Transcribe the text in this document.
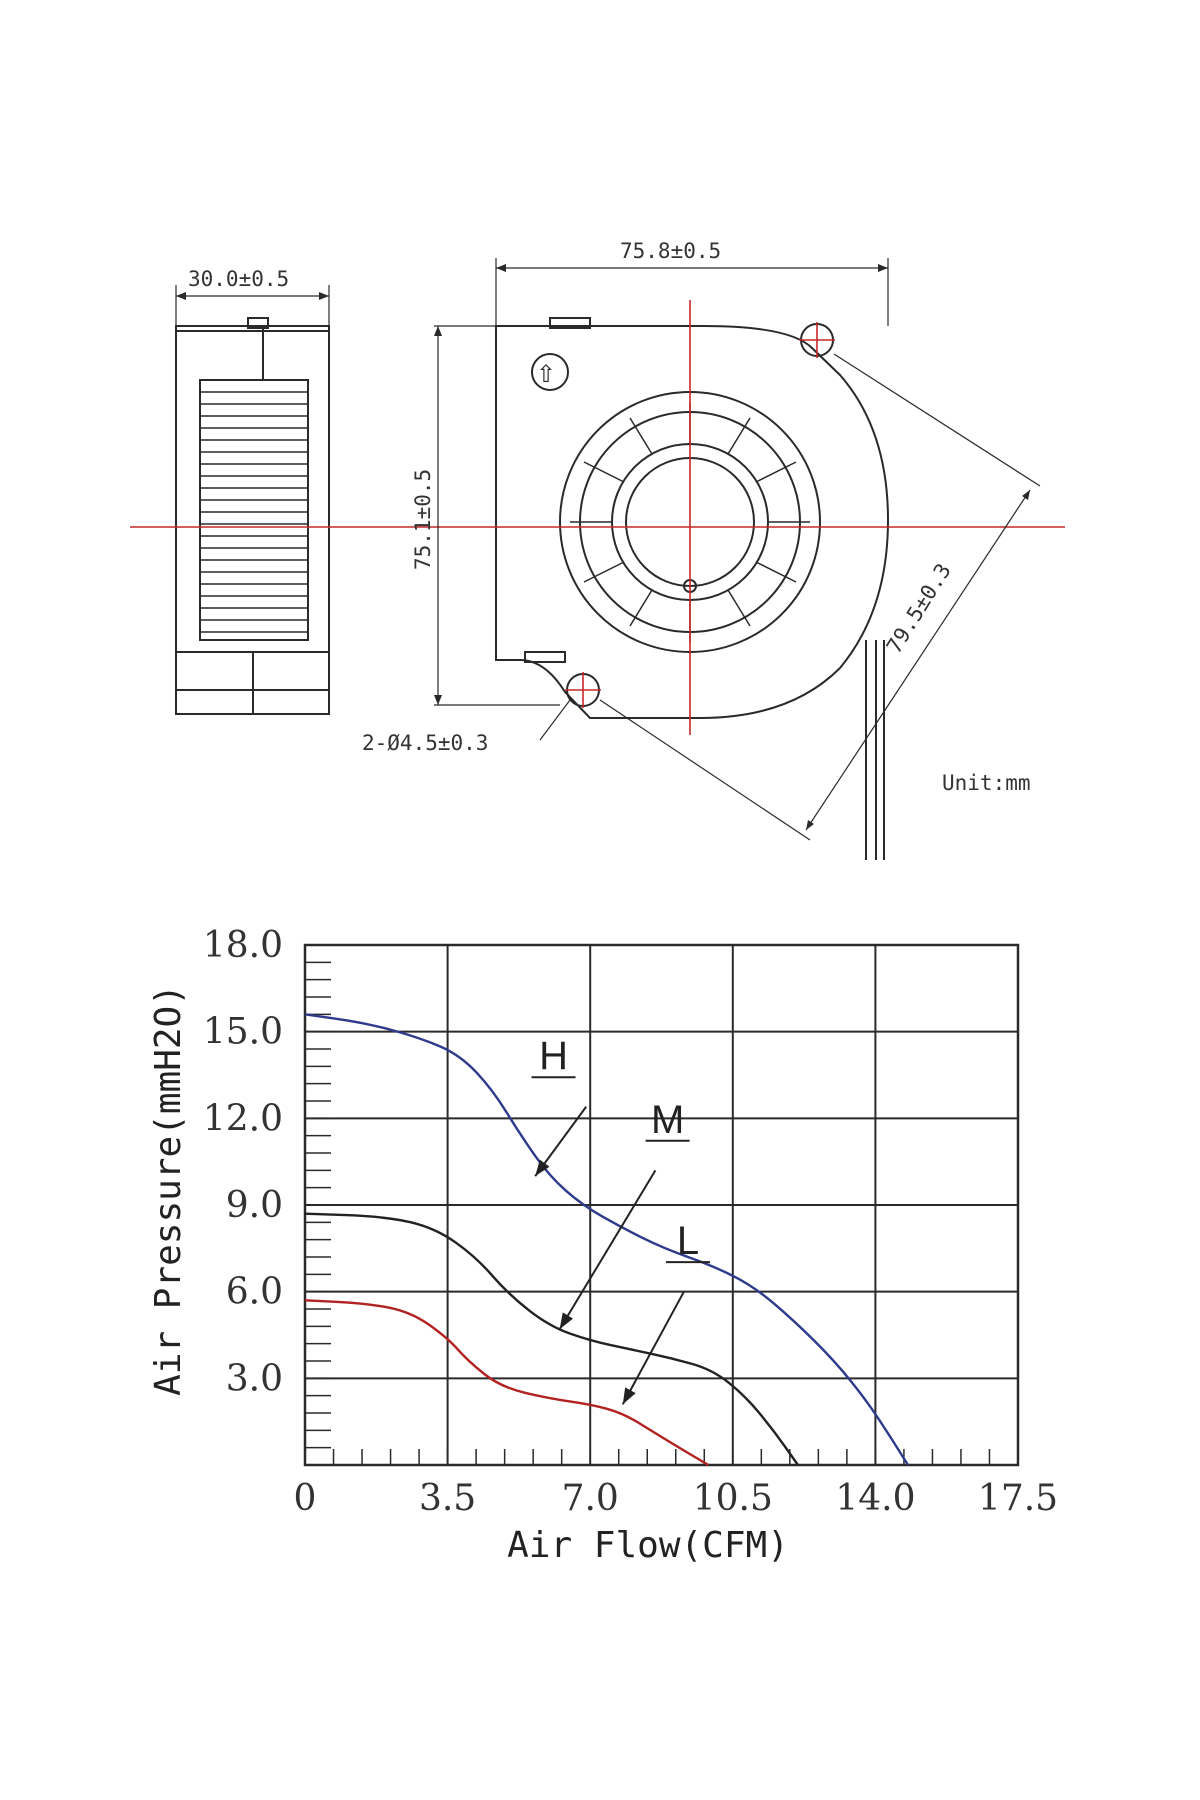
30.0±0.5
⇧
75.8±0.5
75.1±0.5
79.5±0.3
2-Ø4.5±0.3
Unit:mm
H
M
L
0	3.5 7.0 10.5 14.0 17.5
3.0
6.0
9.0
12.0
15.0
18.0
Air Flow(CFM)
Air Pressure(mmH2O)
